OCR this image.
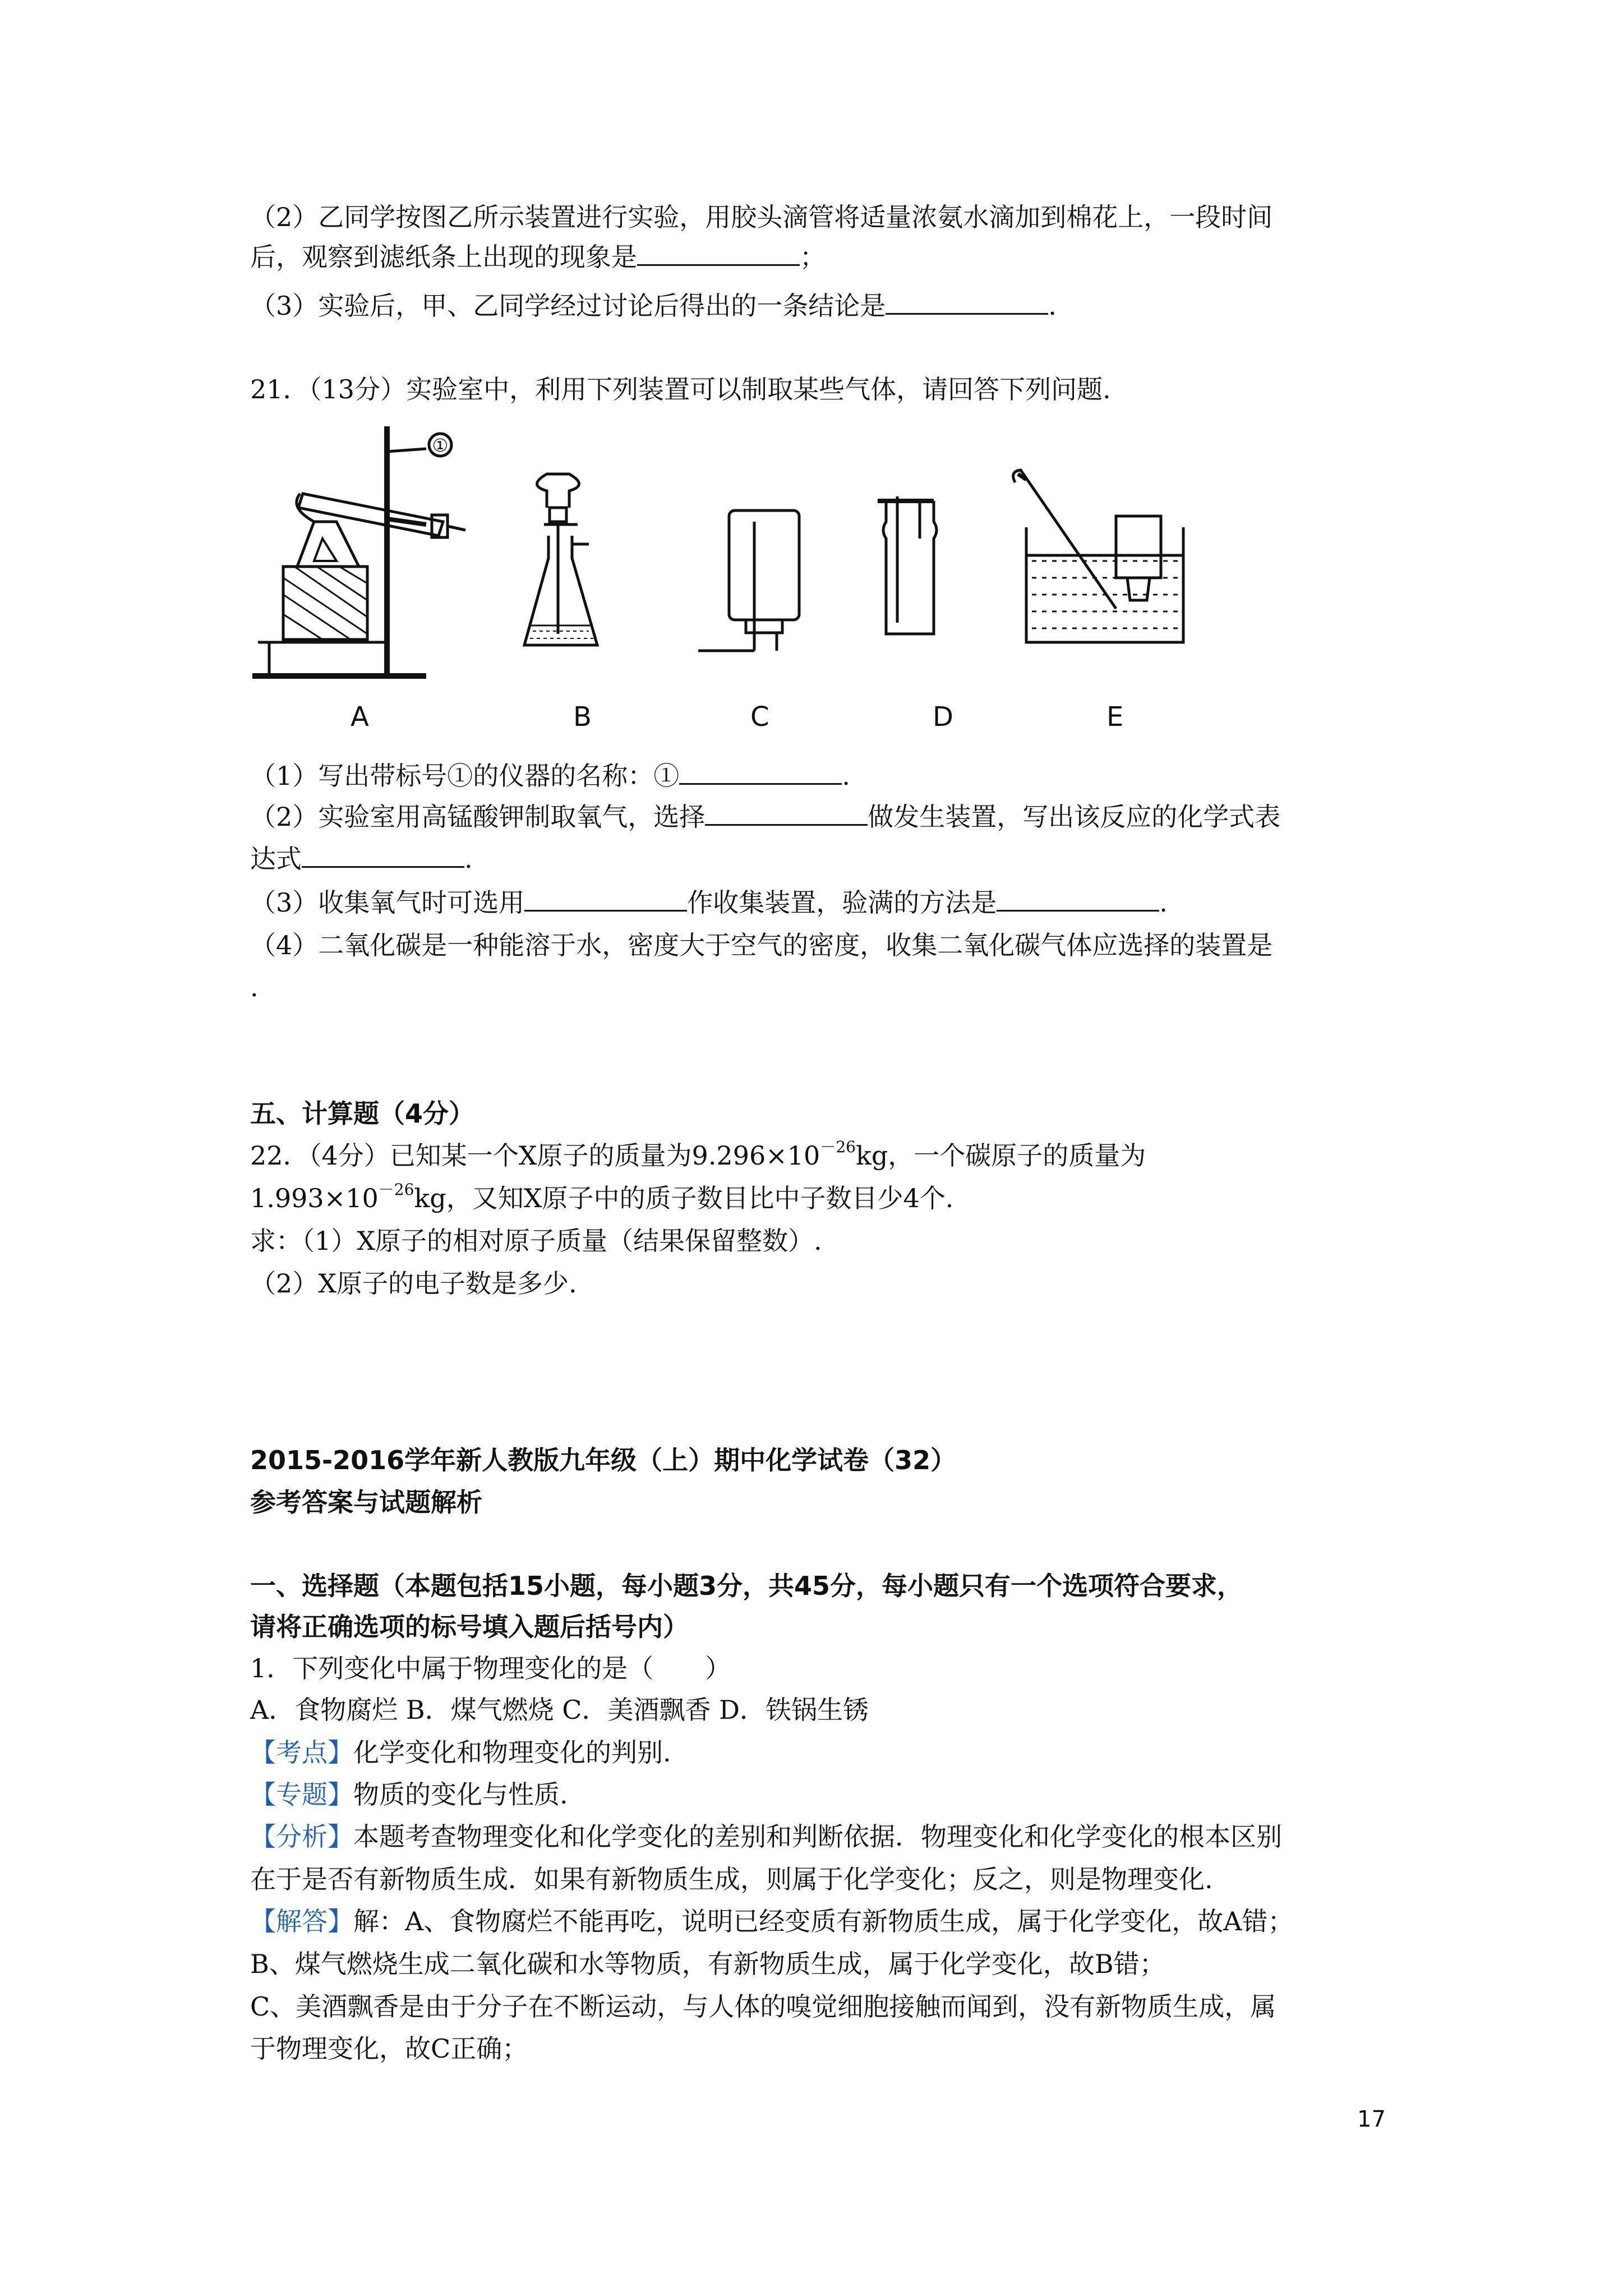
（2）乙同学按图乙所示装置进行实验，用胶头滴管将适量浓氨水滴加到棉花上，一段时间
后，观察到滤纸条上出现的现象是	；
（3）实验后，甲、乙同学经过讨论后得出的一条结论是	.
21．（13分）实验室中，利用下列装置可以制取某些气体，请回答下列问题.
①
A	B	C	D	E
（1）写出带标号①的仪器的名称：①	.
（2）实验室用高锰酸钾制取氧气，选择	做发生装置，写出该反应的化学式表
达式	.
（3）收集氧气时可选用	作收集装置，验满的方法是	.
（4）二氧化碳是一种能溶于水，密度大于空气的密度，收集二氧化碳气体应选择的装置是
.
五、计算题（4分）
22．（4分）已知某一个X原子的质量为$9.296\times 10^{-26}kg$，一个碳原子的质量为
$1.993\times 10^{-26}kg$，又知X原子中的质子数目比中子数目少4个.
求：（1）X原子的相对原子质量（结果保留整数）.
（2）X原子的电子数是多少.
2015-2016学年新人教版九年级（上）期中化学试卷（32）
参考答案与试题解析
一、选择题（本题包括15小题，每小题3分，共45分，每小题只有一个选项符合要求，
请将正确选项的标号填入题后括号内）
1．下列变化中属于物理变化的是（　　）
A．食物腐烂 B．煤气燃烧 C．美酒飘香 D．铁锅生锈
【考点】化学变化和物理变化的判别.
【专题】物质的变化与性质.
【分析】本题考查物理变化和化学变化的差别和判断依据．物理变化和化学变化的根本区别
在于是否有新物质生成．如果有新物质生成，则属于化学变化；反之，则是物理变化.
【解答】解：A、食物腐烂不能再吃，说明已经变质有新物质生成，属于化学变化，故A错；
B、煤气燃烧生成二氧化碳和水等物质，有新物质生成，属于化学变化，故B错；
C、美酒飘香是由于分子在不断运动，与人体的嗅觉细胞接触而闻到，没有新物质生成，属
于物理变化，故C正确；
17
